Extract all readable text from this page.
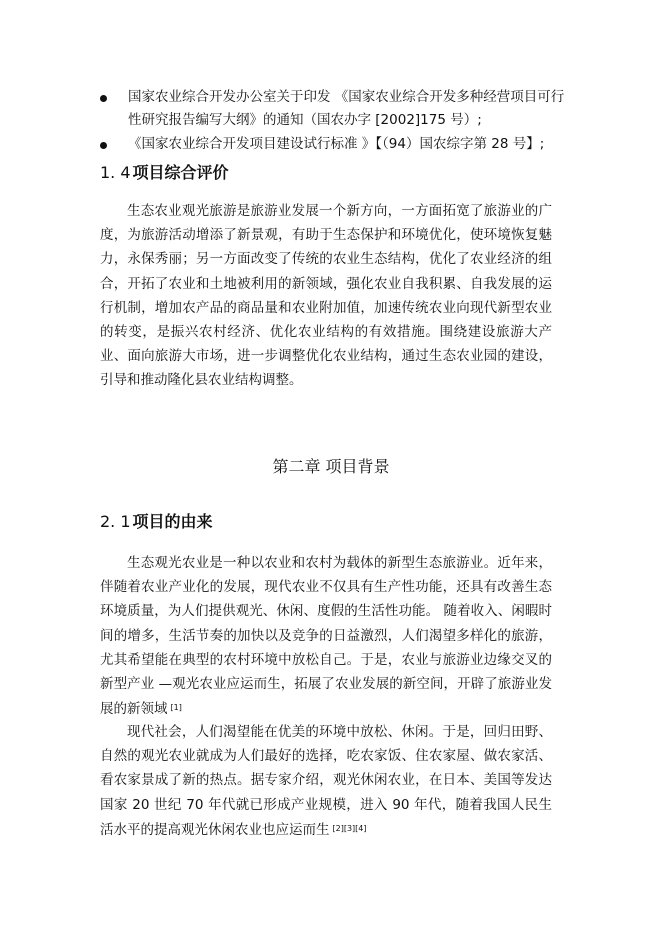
国家农业综合开发办公室关于印发 《国家农业综合开发多种经营项目可行性研究报告编写大纲》的通知（国农办字 [2002]175 号）;
《国家农业综合开发项目建设试行标准 》【（94）国农综字第 28 号】;
1. 4 项目综合评价

生态农业观光旅游是旅游业发展一个新方向，一方面拓宽了旅游业的广度，为旅游活动增添了新景观，有助于生态保护和环境优化，使环境恢复魅力，永保秀丽；另一方面改变了传统的农业生态结构，优化了农业经济的组合，开拓了农业和土地被利用的新领域，强化农业自我积累、自我发展的运行机制，增加农产品的商品量和农业附加值，加速传统农业向现代新型农业的转变，是振兴农村经济、优化农业结构的有效措施。围绕建设旅游大产业、面向旅游大市场，进一步调整优化农业结构，通过生态农业园的建设，引导和推动隆化县农业结构调整。

第二章 项目背景
2. 1 项目的由来

生态观光农业是一种以农业和农村为载体的新型生态旅游业。近年来，伴随着农业产业化的发展，现代农业不仅具有生产性功能，还具有改善生态环境质量，为人们提供观光、休闲、度假的生活性功能。 随着收入、闲暇时间的增多，生活节奏的加快以及竞争的日益激烈，人们渴望多样化的旅游，尤其希望能在典型的农村环境中放松自己。于是，农业与旅游业边缘交叉的新型产业 —观光农业应运而生，拓展了农业发展的新空间，开辟了旅游业发展的新领域 [1]

现代社会，人们渴望能在优美的环境中放松、休闲。于是，回归田野、自然的观光农业就成为人们最好的选择，吃农家饭、住农家屋、做农家活、看农家景成了新的热点。据专家介绍，观光休闲农业，在日本、美国等发达国家 20 世纪 70 年代就已形成产业规模，进入 90 年代，随着我国人民生活水平的提高观光休闲农业也应运而生 [2][3][4]
